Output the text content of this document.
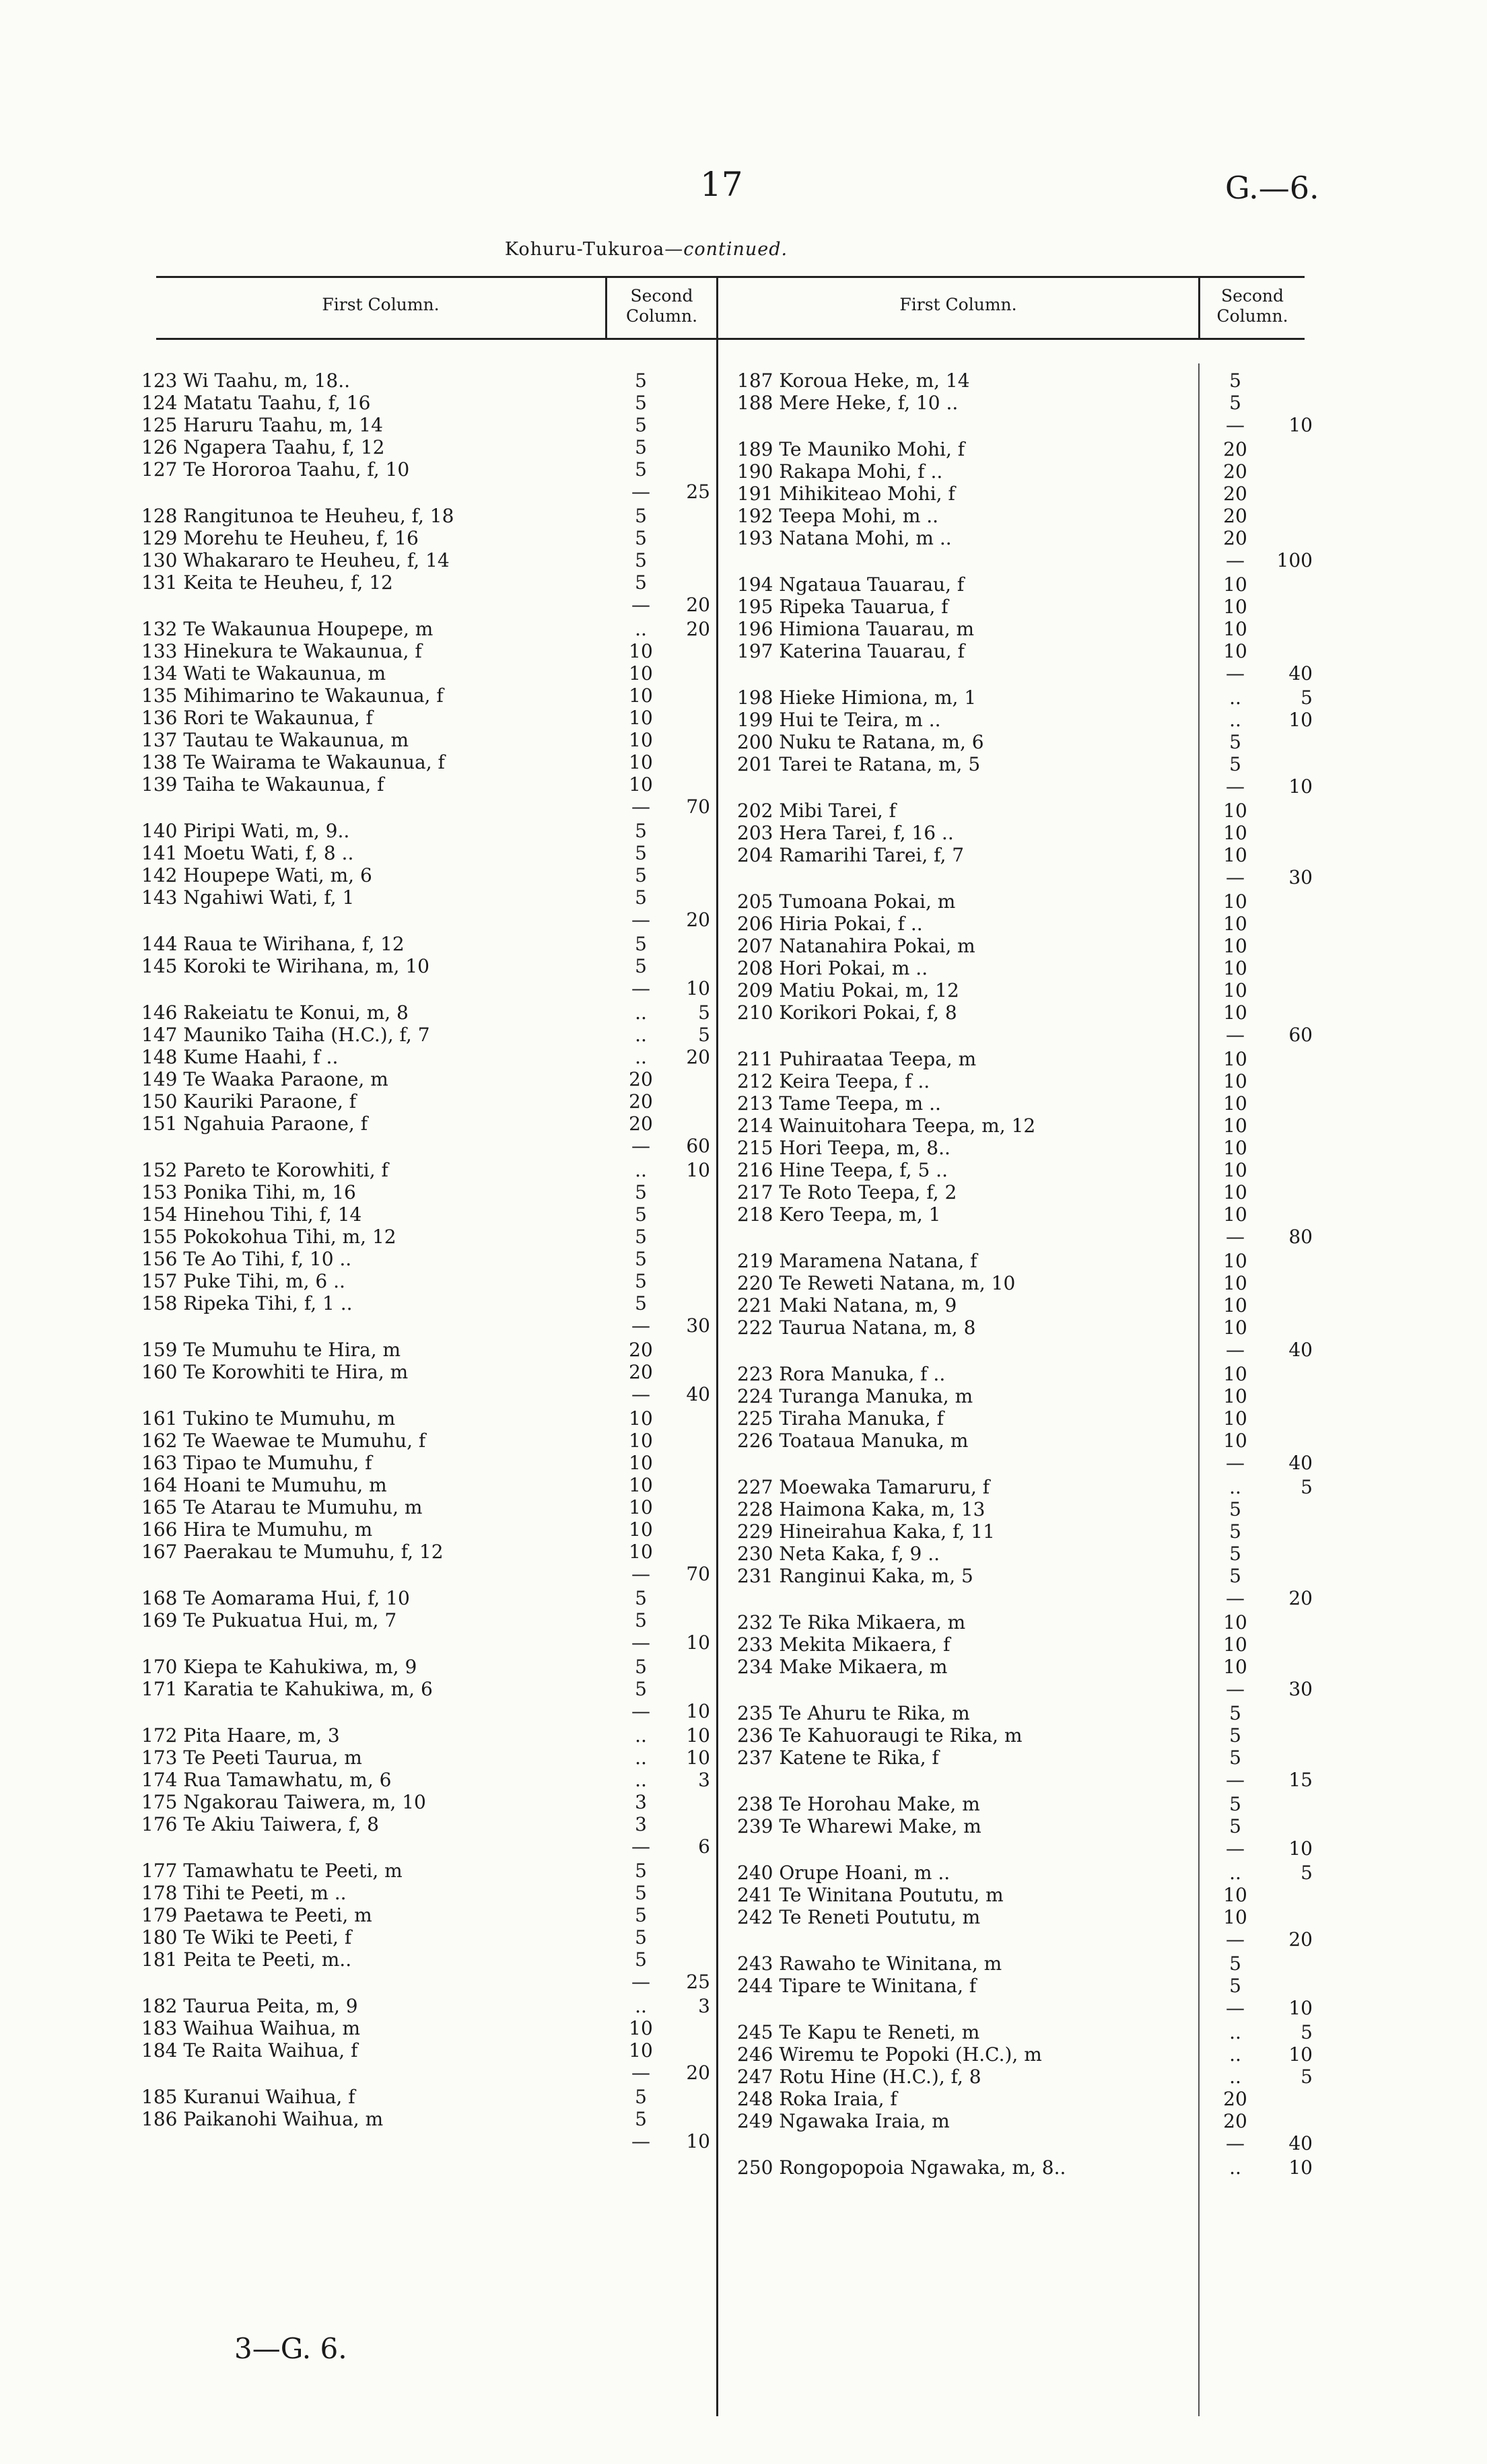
17	G.—6.
Kohuru-Tukuroa—continued.
First Column.	Second
Column.
First Column.	Second
Column.
123 Wi Taahu, m, 18..	5
124 Matatu Taahu, f, 16	5
125 Haruru Taahu, m, 14	5
126 Ngapera Taahu, f, 12	5
127 Te Hororoa Taahu, f, 10	5
—	25
128 Rangitunoa te Heuheu, f, 18	5
129 Morehu te Heuheu, f, 16	5
130 Whakararo te Heuheu, f, 14	5
131 Keita te Heuheu, f, 12	5
—	20
132 Te Wakaunua Houpepe, m	..	20
133 Hinekura te Wakaunua, f	10
134 Wati te Wakaunua, m	10
135 Mihimarino te Wakaunua, f	10
136 Rori te Wakaunua, f	10
137 Tautau te Wakaunua, m	10
138 Te Wairama te Wakaunua, f	10
139 Taiha te Wakaunua, f	10
—	70
140 Piripi Wati, m, 9..	5
141 Moetu Wati, f, 8 ..	5
142 Houpepe Wati, m, 6	5
143 Ngahiwi Wati, f, 1	5
—	20
144 Raua te Wirihana, f, 12	5
145 Koroki te Wirihana, m, 10	5
—	10
146 Rakeiatu te Konui, m, 8	..	5
147 Mauniko Taiha (H.C.), f, 7	..	5
148 Kume Haahi, f ..	..	20
149 Te Waaka Paraone, m	20
150 Kauriki Paraone, f	20
151 Ngahuia Paraone, f	20
—	60
152 Pareto te Korowhiti, f	..	10
153 Ponika Tihi, m, 16	5
154 Hinehou Tihi, f, 14	5
155 Pokokohua Tihi, m, 12	5
156 Te Ao Tihi, f, 10 ..	5
157 Puke Tihi, m, 6 ..	5
158 Ripeka Tihi, f, 1 ..	5
—	30
159 Te Mumuhu te Hira, m	20
160 Te Korowhiti te Hira, m	20
—	40
161 Tukino te Mumuhu, m	10
162 Te Waewae te Mumuhu, f	10
163 Tipao te Mumuhu, f	10
164 Hoani te Mumuhu, m	10
165 Te Atarau te Mumuhu, m	10
166 Hira te Mumuhu, m	10
167 Paerakau te Mumuhu, f, 12	10
—	70
168 Te Aomarama Hui, f, 10	5
169 Te Pukuatua Hui, m, 7	5
—	10
170 Kiepa te Kahukiwa, m, 9	5
171 Karatia te Kahukiwa, m, 6	5
—	10
172 Pita Haare, m, 3	..	10
173 Te Peeti Taurua, m	..	10
174 Rua Tamawhatu, m, 6	..	3
175 Ngakorau Taiwera, m, 10	3
176 Te Akiu Taiwera, f, 8	3
—	6
177 Tamawhatu te Peeti, m	5
178 Tihi te Peeti, m ..	5
179 Paetawa te Peeti, m	5
180 Te Wiki te Peeti, f	5
181 Peita te Peeti, m..	5
—	25
182 Taurua Peita, m, 9	..	3
183 Waihua Waihua, m	10
184 Te Raita Waihua, f	10
—	20
185 Kuranui Waihua, f	5
186 Paikanohi Waihua, m	5
—	10
187 Koroua Heke, m, 14	5
188 Mere Heke, f, 10 ..	5
—	10
189 Te Mauniko Mohi, f	20
190 Rakapa Mohi, f ..	20
191 Mihikiteao Mohi, f	20
192 Teepa Mohi, m ..	20
193 Natana Mohi, m ..	20
—	100
194 Ngataua Tauarau, f	10
195 Ripeka Tauarua, f	10
196 Himiona Tauarau, m	10
197 Katerina Tauarau, f	10
—	40
198 Hieke Himiona, m, 1	..	5
199 Hui te Teira, m ..	..	10
200 Nuku te Ratana, m, 6	5
201 Tarei te Ratana, m, 5	5
—	10
202 Mibi Tarei, f	10
203 Hera Tarei, f, 16 ..	10
204 Ramarihi Tarei, f, 7	10
—	30
205 Tumoana Pokai, m	10
206 Hiria Pokai, f ..	10
207 Natanahira Pokai, m	10
208 Hori Pokai, m ..	10
209 Matiu Pokai, m, 12	10
210 Korikori Pokai, f, 8	10
—	60
211 Puhiraataa Teepa, m	10
212 Keira Teepa, f ..	10
213 Tame Teepa, m ..	10
214 Wainuitohara Teepa, m, 12	10
215 Hori Teepa, m, 8..	10
216 Hine Teepa, f, 5 ..	10
217 Te Roto Teepa, f, 2	10
218 Kero Teepa, m, 1	10
—	80
219 Maramena Natana, f	10
220 Te Reweti Natana, m, 10	10
221 Maki Natana, m, 9	10
222 Taurua Natana, m, 8	10
—	40
223 Rora Manuka, f ..	10
224 Turanga Manuka, m	10
225 Tiraha Manuka, f	10
226 Toataua Manuka, m	10
—	40
227 Moewaka Tamaruru, f	..	5
228 Haimona Kaka, m, 13	5
229 Hineirahua Kaka, f, 11	5
230 Neta Kaka, f, 9 ..	5
231 Ranginui Kaka, m, 5	5
—	20
232 Te Rika Mikaera, m	10
233 Mekita Mikaera, f	10
234 Make Mikaera, m	10
—	30
235 Te Ahuru te Rika, m	5
236 Te Kahuoraugi te Rika, m	5
237 Katene te Rika, f	5
—	15
238 Te Horohau Make, m	5
239 Te Wharewi Make, m	5
—	10
240 Orupe Hoani, m ..	..	5
241 Te Winitana Poututu, m	10
242 Te Reneti Poututu, m	10
—	20
243 Rawaho te Winitana, m	5
244 Tipare te Winitana, f	5
—	10
245 Te Kapu te Reneti, m	..	5
246 Wiremu te Popoki (H.C.), m	..	10
247 Rotu Hine (H.C.), f, 8	..	5
248 Roka Iraia, f	20
249 Ngawaka Iraia, m	20
—	40
250 Rongopopoia Ngawaka, m, 8..	..	10
3—G. 6.
